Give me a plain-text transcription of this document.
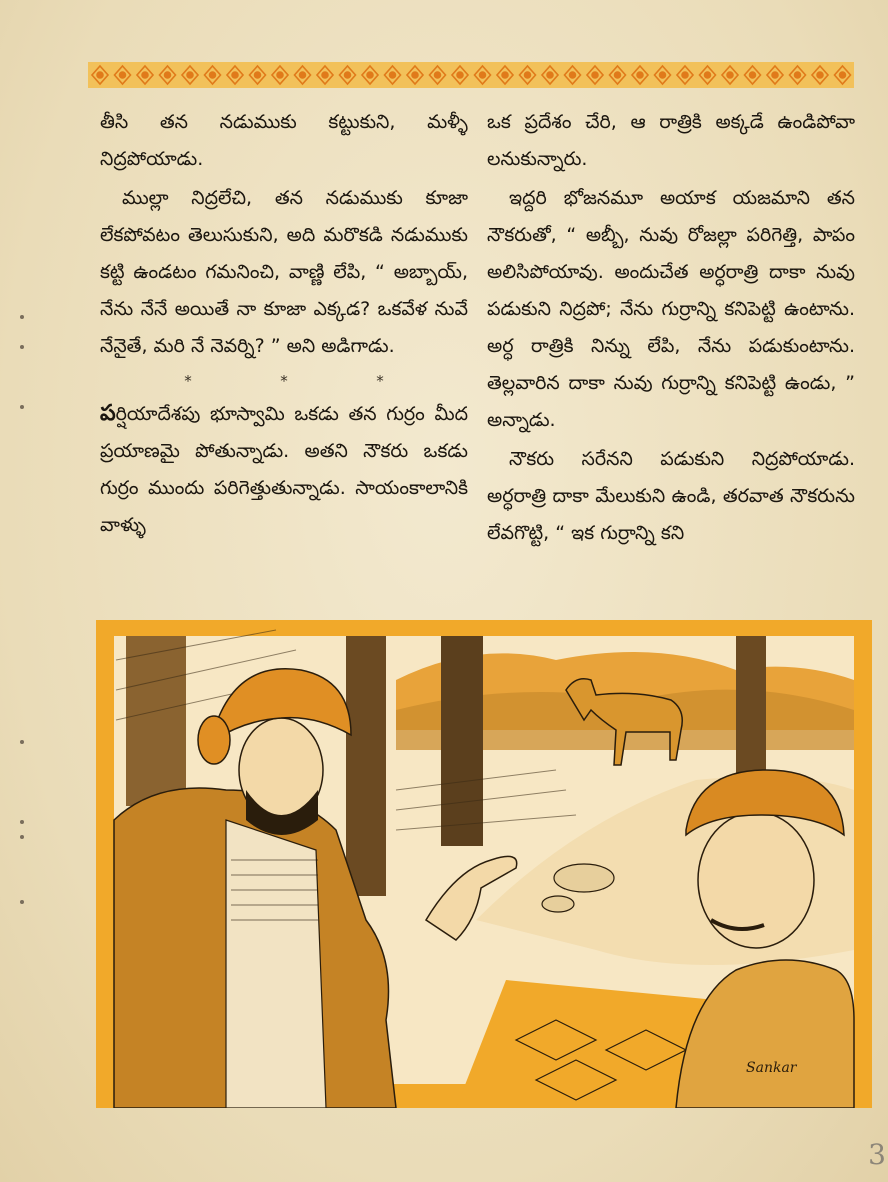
తీసి తన నడుముకు కట్టుకుని, మళ్ళీ నిద్రపోయాడు.

ముల్లా నిద్రలేచి, తన నడుముకు కూజా లేకపోవటం తెలుసుకుని, అది మరొకడి నడుముకు కట్టి ఉండటం గమనించి, వాణ్ణి లేపి, “ అబ్బాయ్, నేను నేనే అయితే నా కూజా ఎక్కడ? ఒకవేళ నువే నేనైతే, మరి నే నెవర్ని? ” అని అడిగాడు.

*	*	*

పర్షియాదేశపు భూస్వామి ఒకడు తన గుర్రం మీద ప్రయాణమై పోతున్నాడు. అతని నౌకరు ఒకడు గుర్రం ముందు పరిగెత్తుతున్నాడు. సాయంకాలానికి వాళ్ళు

ఒక ప్రదేశం చేరి, ఆ రాత్రికి అక్కడే ఉండిపోవా లనుకున్నారు.

ఇద్దరి భోజనమూ అయాక యజమాని తన నౌకరుతో, “ అబ్బీ, నువు రోజల్లా పరిగెత్తి, పాపం అలిసిపోయావు. అందుచేత అర్ధరాత్రి దాకా నువు పడుకుని నిద్రపో; నేను గుర్రాన్ని కనిపెట్టి ఉంటాను. అర్ధ రాత్రికి నిన్ను లేపి, నేను పడుకుంటాను. తెల్లవారిన దాకా నువు గుర్రాన్ని కనిపెట్టి ఉండు, ” అన్నాడు.

నౌకరు సరేనని పడుకుని నిద్రపోయాడు. అర్ధరాత్రి దాకా మేలుకుని ఉండి, తరవాత నౌకరును లేవగొట్టి, “ ఇక గుర్రాన్ని కని

Sankar
3
